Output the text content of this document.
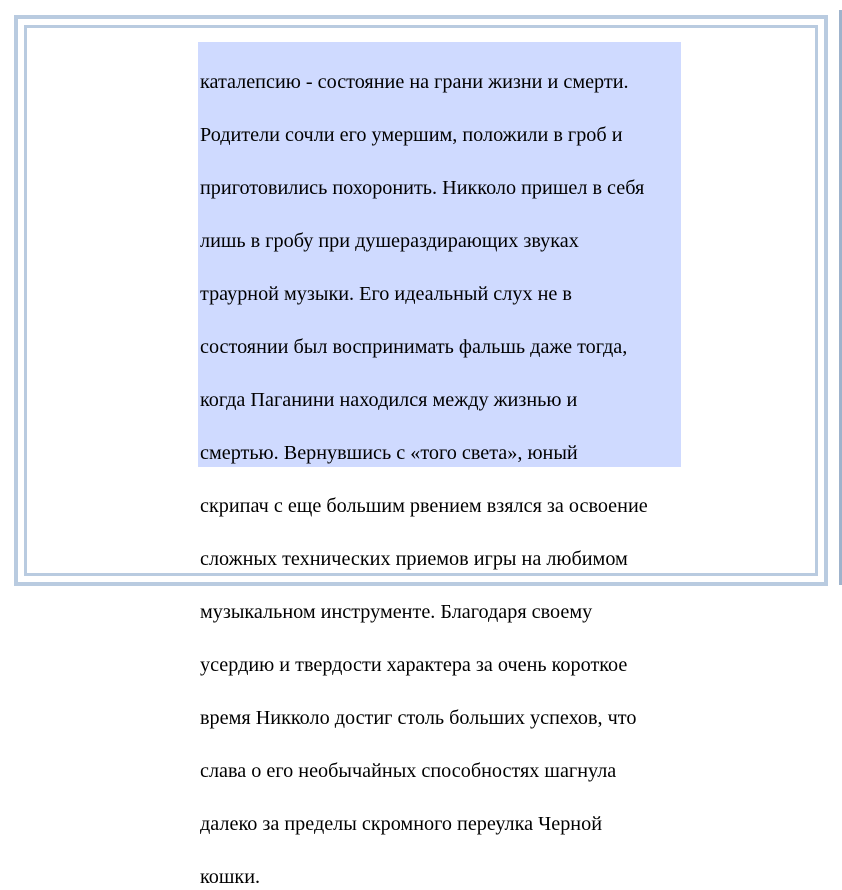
каталепсию - состояние на грани жизни и смерти.

Родители сочли его умершим, положили в гроб и

приготовились похоронить. Никколо пришел в себя

лишь в гробу при душераздирающих звуках

траурной музыки. Его идеальный слух не в

состоянии был воспринимать фальшь даже тогда,

когда Паганини находился между жизнью и

смертью. Вернувшись с «того света», юный

скрипач с еще большим рвением взялся за освоение

сложных технических приемов игры на любимом

музыкальном инструменте. Благодаря своему

усердию и твердости характера за очень короткое

время Никколо достиг столь больших успехов, что

слава о его необычайных способностях шагнула

далеко за пределы скромного переулка Черной

кошки.
